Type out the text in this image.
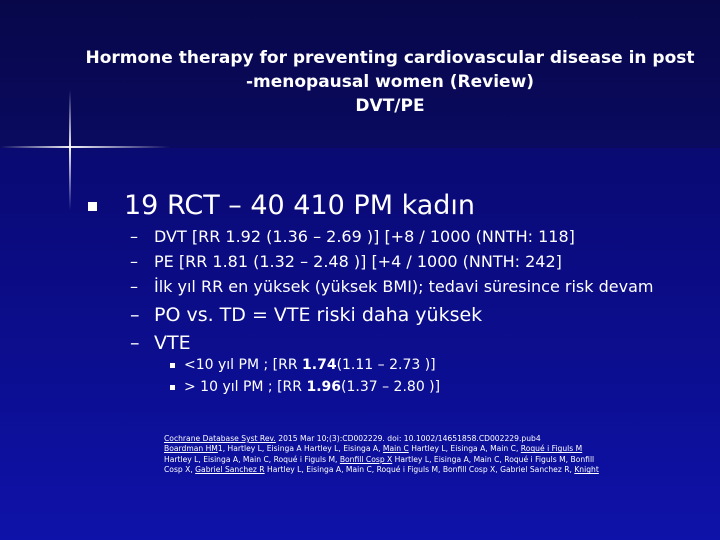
Hormone therapy for preventing cardiovascular disease in post
-menopausal women (Review)
DVT/PE
19 RCT – 40 410 PM kadın
– DVT [RR 1.92 (1.36 – 2.69 )] [+8 / 1000 (NNTH: 118]
– PE [RR 1.81 (1.32 – 2.48 )] [+4 / 1000 (NNTH: 242]
– İlk yıl RR en yüksek (yüksek BMI); tedavi süresince risk devam
– PO vs. TD = VTE riski daha yüksek
– VTE
<10 yıl PM ; [RR 1.74(1.11 – 2.73 )]
> 10 yıl PM ; [RR 1.96(1.37 – 2.80 )]
Cochrane Database Syst Rev. 2015 Mar 10;(3):CD002229. doi: 10.1002/14651858.CD002229.pub4
Boardman HM1, Hartley L, Eisinga A Hartley L, Eisinga A, Main C Hartley L, Eisinga A, Main C, Roqué i Figuls M Hartley L, Eisinga A, Main C, Roqué i Figuls M, Bonfill Cosp X Hartley L, Eisinga A, Main C, Roqué i Figuls M, Bonfill Cosp X, Gabriel Sanchez R Hartley L, Eisinga A, Main C, Roqué i Figuls M, Bonfill Cosp X, Gabriel Sanchez R, Knight
